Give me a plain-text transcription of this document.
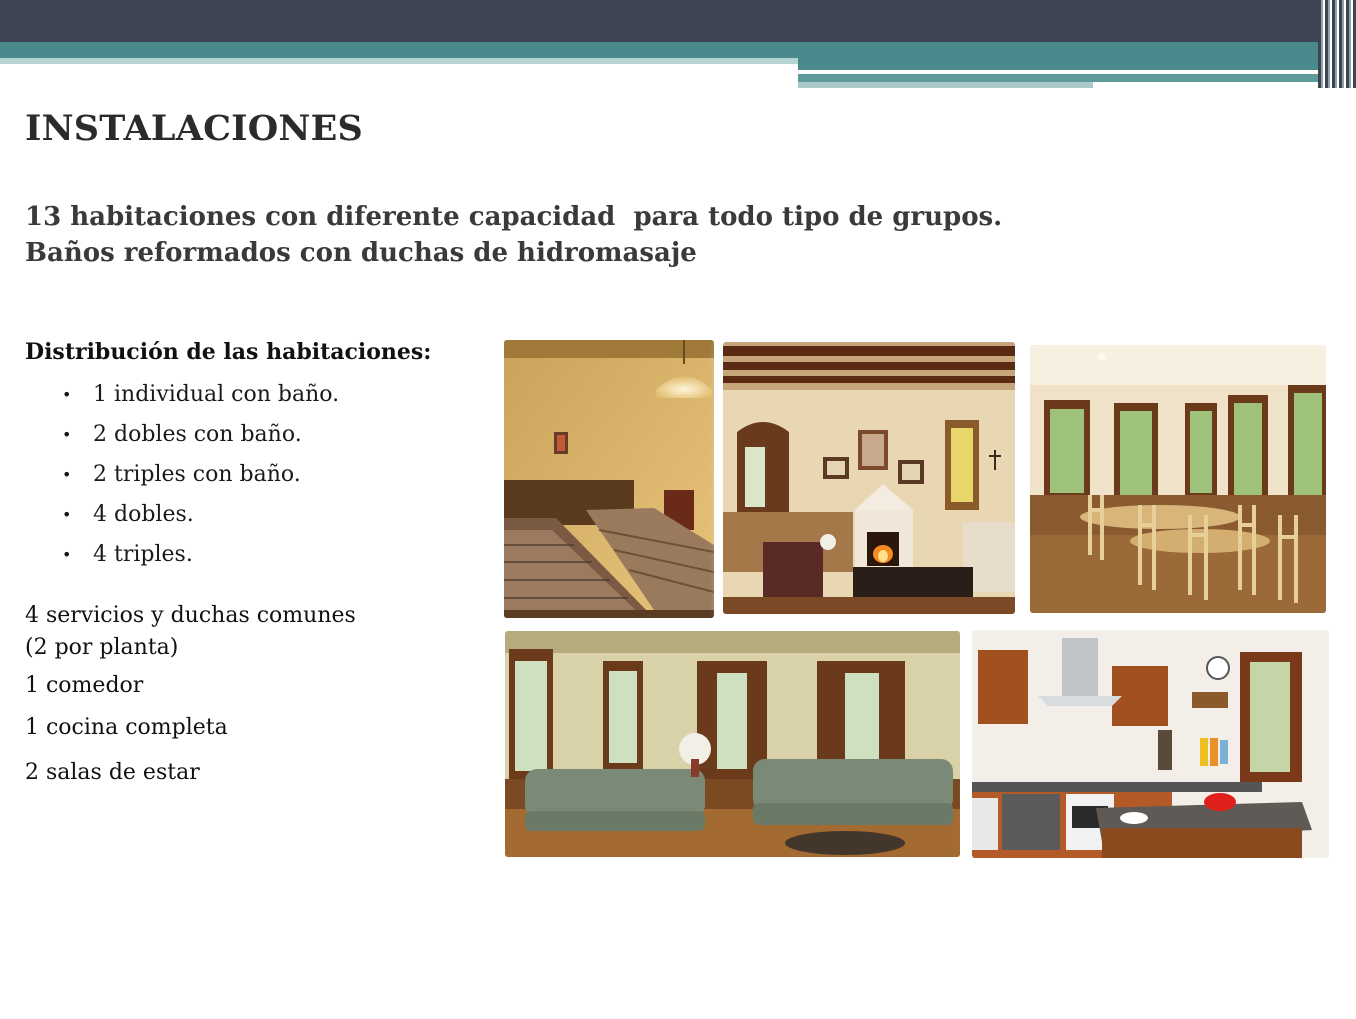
INSTALACIONES
13 habitaciones con diferente capacidad  para todo tipo de grupos.
Baños reformados con duchas de hidromasaje
Distribución de las habitaciones:
• 1 individual con baño.
• 2 dobles con baño.
• 2 triples con baño.
• 4 dobles.
• 4 triples.
4 servicios y duchas comunes
(2 por planta)
1 comedor
1 cocina completa
2 salas de estar
